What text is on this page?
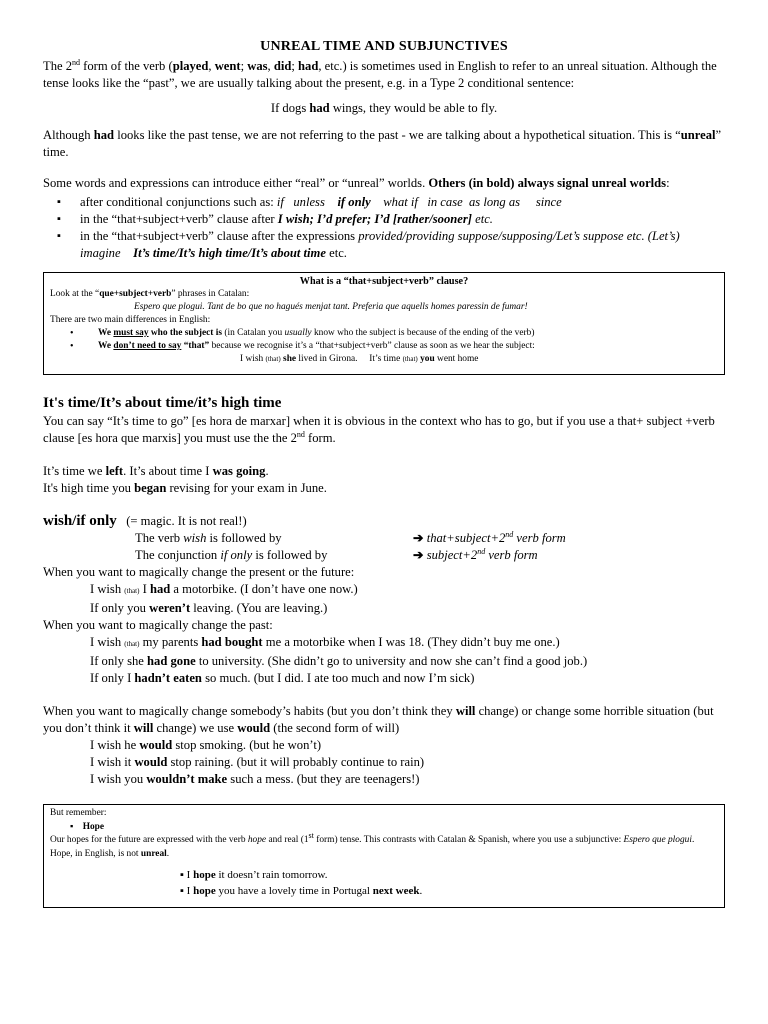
UNREAL TIME AND SUBJUNCTIVES

The 2nd form of the verb (played, went; was, did; had, etc.) is sometimes used in English to refer to an unreal situation. Although the tense looks like the “past”, we are usually talking about the present, e.g. in a Type 2 conditional sentence:

If dogs had wings, they would be able to fly.

Although had looks like the past tense, we are not referring to the past - we are talking about a hypothetical situation. This is “unreal” time.

Some words and expressions can introduce either “real” or “unreal” worlds. Others (in bold) always signal unreal worlds:

▪ after conditional conjunctions such as: if unless if only what if in case as long as since
▪ in the “that+subject+verb” clause after I wish; I’d prefer; I’d [rather/sooner] etc.
▪ in the “that+subject+verb” clause after the expressions provided/providing suppose/supposing/Let’s suppose etc. (Let’s) imagine It’s time/It’s high time/It’s about time etc.
What is a “that+subject+verb” clause?
Look at the “que+subject+verb” phrases in Catalan:
Espero que plogui. Tant de bo que no hagués menjat tant. Preferia que aquells homes paressin de fumar!
There are two main differences in English:
• We must say who the subject is (in Catalan you usually know who the subject is because of the ending of the verb)
• We don’t need to say “that” because we recognise it’s a “that+subject+verb” clause as soon as we hear the subject:
I wish (that) she lived in Girona. It’s time (that) you went home
It's time/It’s about time/it’s high time

You can say “It’s time to go” [es hora de marxar] when it is obvious in the context who has to go, but if you use a that+ subject +verb clause [es hora que marxis] you must use the the 2nd form.

It’s time we left. It’s about time I was going.

It's high time you began revising for your exam in June.

wish/if only (= magic. It is not real!)

The verb wish is followed by	➔ that+subject+2nd verb form
The conjunction if only is followed by	➔ subject+2nd verb form

When you want to magically change the present or the future:

I wish (that) I had a motorbike. (I don’t have one now.)

If only you weren’t leaving. (You are leaving.)

When you want to magically change the past:

I wish (that) my parents had bought me a motorbike when I was 18. (They didn’t buy me one.)

If only she had gone to university. (She didn’t go to university and now she can’t find a good job.)

If only I hadn’t eaten so much. (but I did. I ate too much and now I’m sick)

When you want to magically change somebody’s habits (but you don’t think they will change) or change some horrible situation (but you don’t think it will change) we use would (the second form of will)

I wish he would stop smoking. (but he won’t)

I wish it would stop raining. (but it will probably continue to rain)

I wish you wouldn’t make such a mess. (but they are teenagers!)

But remember:
▪ Hope
Our hopes for the future are expressed with the verb hope and real (1st form) tense. This contrasts with Catalan & Spanish, where you use a subjunctive: Espero que plogui. Hope, in English, is not unreal.
▪ I hope it doesn’t rain tomorrow.
▪ I hope you have a lovely time in Portugal next week.
